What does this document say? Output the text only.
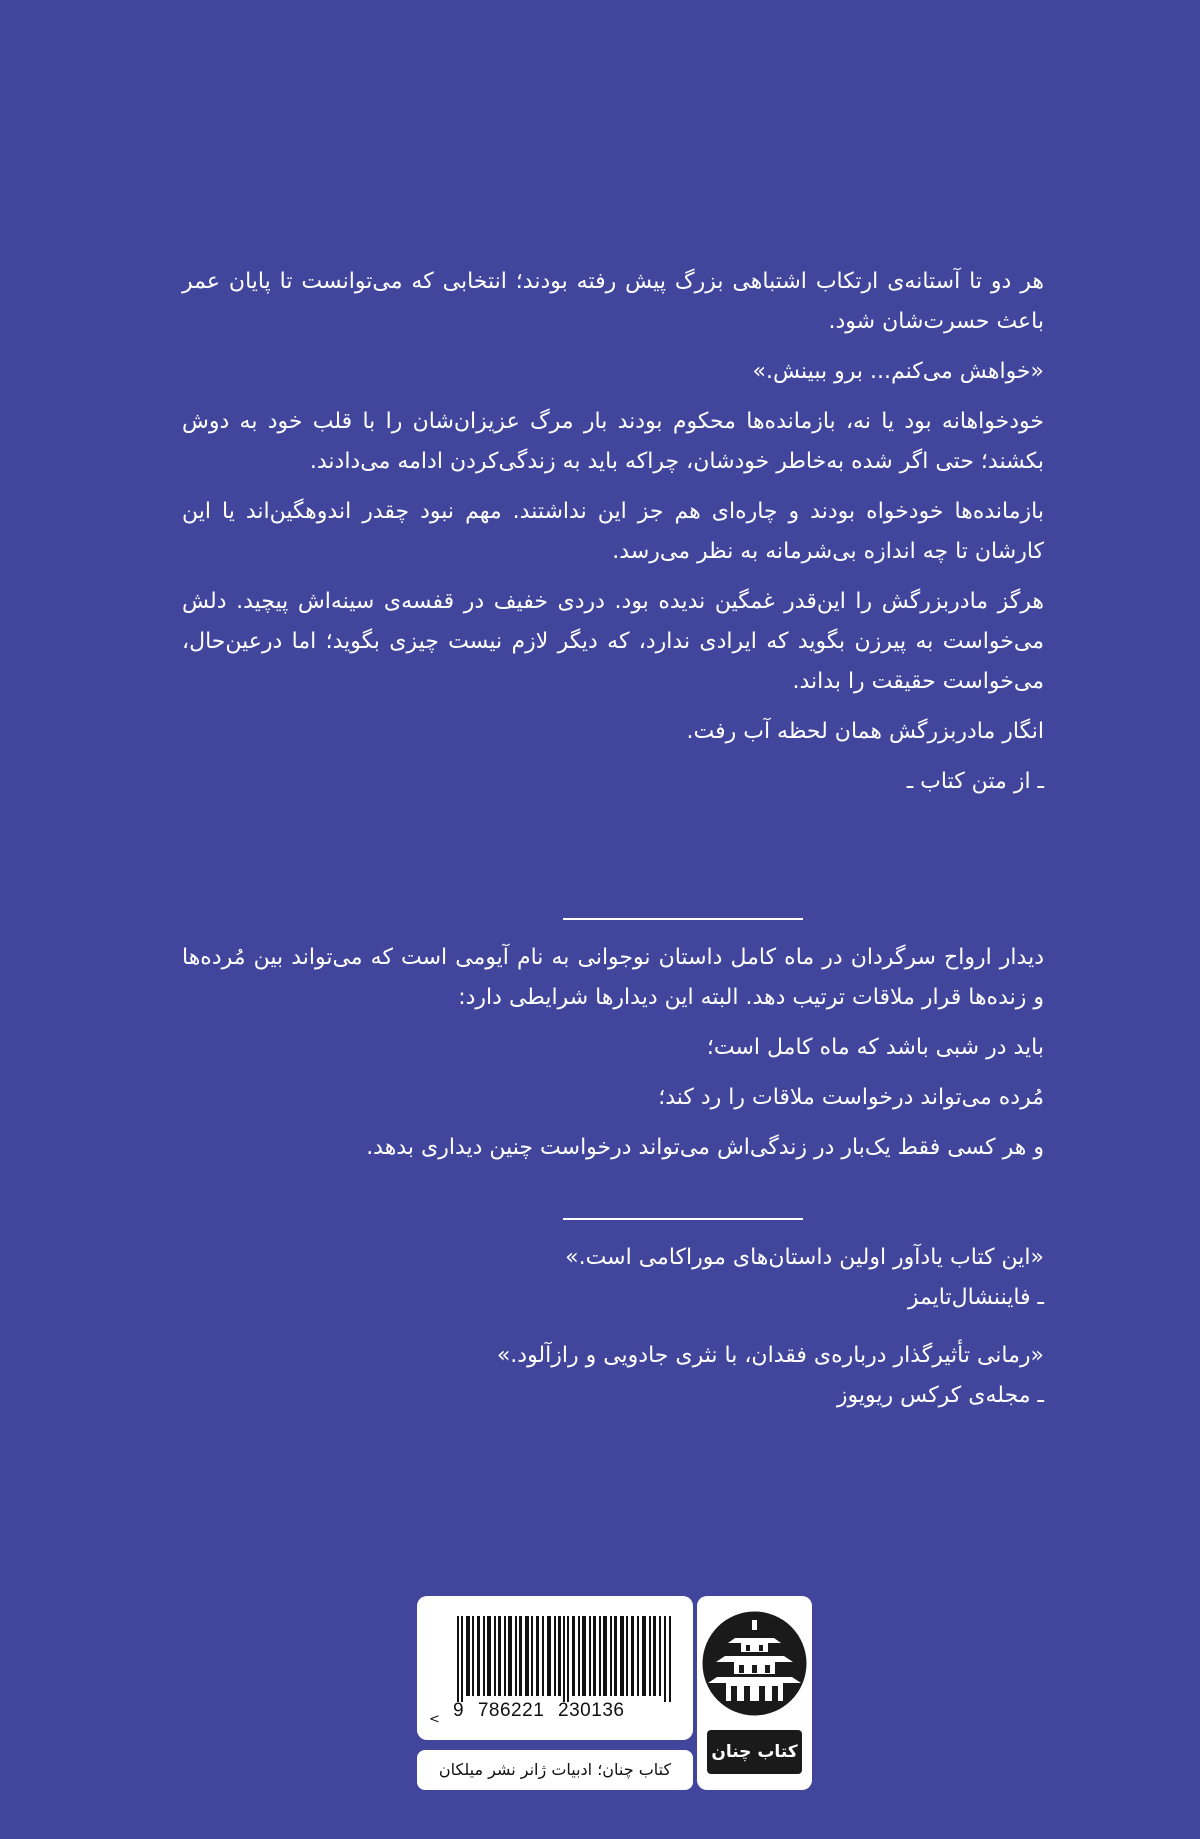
هر دو تا آستانه‌ی ارتکاب اشتباهی بزرگ پیش رفته بودند؛ انتخابی که می‌توانست تا پایان عمر باعث حسرت‌شان شود.

«خواهش می‌کنم... برو ببینش.»

خودخواهانه بود یا نه، بازمانده‌ها محکوم بودند بار مرگ عزیزان‌شان را با قلب خود به دوش بکشند؛ حتی اگر شده به‌خاطر خودشان، چراکه باید به زندگی‌کردن ادامه می‌دادند.

بازمانده‌ها خودخواه بودند و چاره‌ای هم جز این نداشتند. مهم نبود چقدر اندوهگین‌اند یا این کارشان تا چه اندازه بی‌شرمانه به نظر می‌رسد.

هرگز مادربزرگش را این‌قدر غمگین ندیده بود. دردی خفیف در قفسه‌ی سینه‌اش پیچید. دلش می‌خواست به پیرزن بگوید که ایرادی ندارد، که دیگر لازم نیست چیزی بگوید؛ اما درعین‌حال، می‌خواست حقیقت را بداند.

انگار مادربزرگش همان لحظه آب رفت.

ـ از متن کتاب ـ

دیدار ارواح سرگردان در ماه کامل داستان نوجوانی به نام آیومی است که می‌تواند بین مُرده‌ها و زنده‌ها قرار ملاقات ترتیب دهد. البته این دیدارها شرایطی دارد:

باید در شبی باشد که ماه کامل است؛

مُرده می‌تواند درخواست ملاقات را رد کند؛

و هر کسی فقط یک‌بار در زندگی‌اش می‌تواند درخواست چنین دیداری بدهد.

«این کتاب یادآور اولین داستان‌های موراکامی است.»

ـ فایننشال‌تایمز

«رمانی تأثیرگذار درباره‌ی فقدان، با نثری جادویی و رازآلود.»

ـ مجله‌ی کرکس ریویوز

9 786221 230136
<
کتاب چنان؛ ادبیات ژانر نشر میلکان
کتاب چنان
